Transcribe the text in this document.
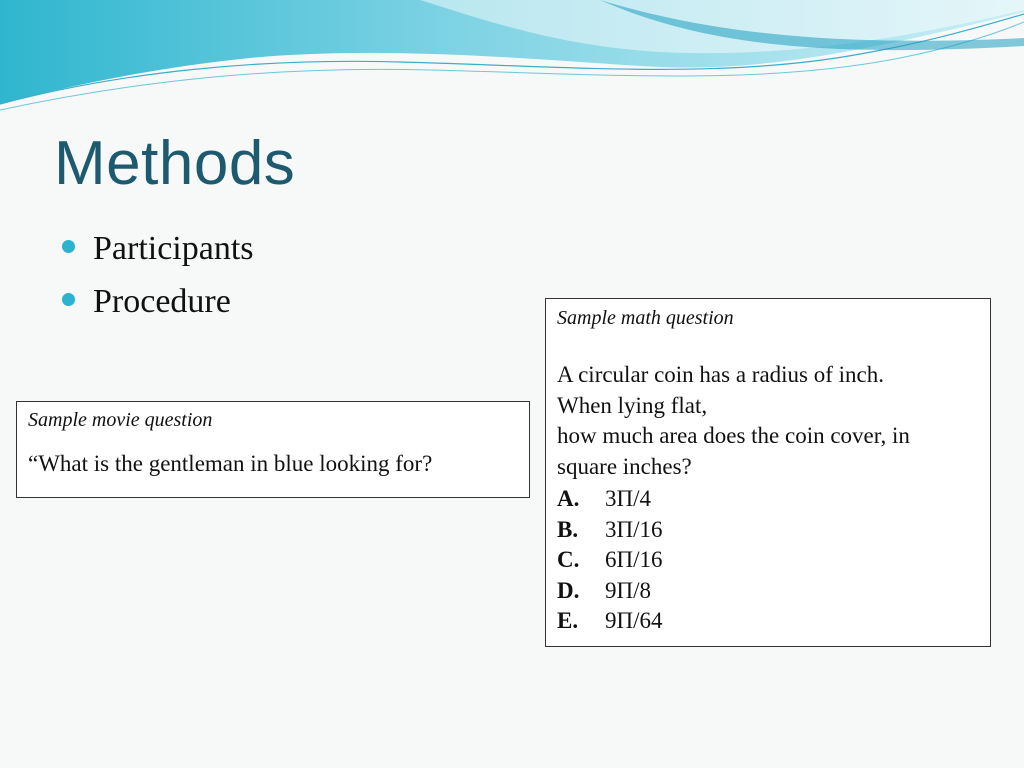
Methods
Participants
Procedure
Sample movie question
“What is the gentleman in blue looking for?
Sample math question
A circular coin has a radius of inch.
When lying flat,
how much area does the coin cover, in
square inches?
A.	3Π/4
B.	3Π/16
C.	6Π/16
D.	9Π/8
E.	9Π/64
